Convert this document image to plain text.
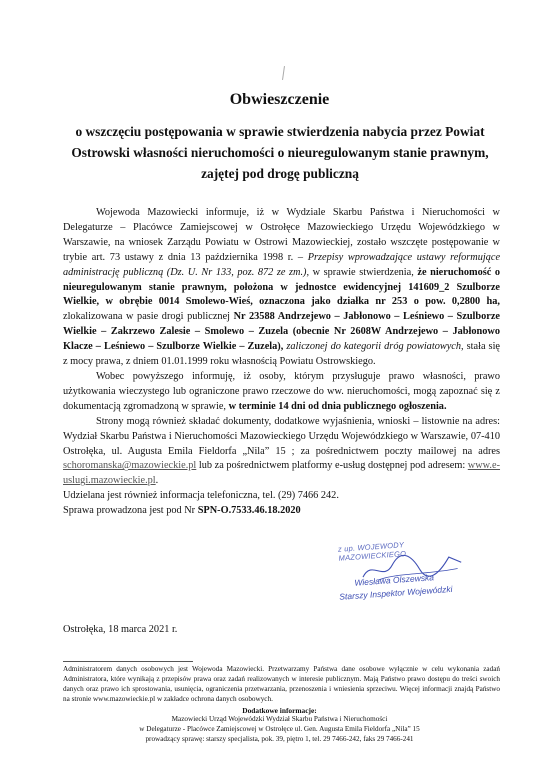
Obwieszczenie
o wszczęciu postępowania w sprawie stwierdzenia nabycia przez Powiat
Ostrowski własności nieruchomości o nieuregulowanym stanie prawnym,
zajętej pod drogę publiczną

Wojewoda Mazowiecki informuje, iż w Wydziale Skarbu Państwa i Nieruchomości w Delegaturze – Placówce Zamiejscowej w Ostrołęce Mazowieckiego Urzędu Wojewódzkiego w Warszawie, na wniosek Zarządu Powiatu w Ostrowi Mazowieckiej, zostało wszczęte postępowanie w trybie art. 73 ustawy z dnia 13 października 1998 r. – Przepisy wprowadzające ustawy reformujące administrację publiczną (Dz. U. Nr 133, poz. 872 ze zm.), w sprawie stwierdzenia, że nieruchomość o nieuregulowanym stanie prawnym, położona w jednostce ewidencyjnej 141609_2 Szulborze Wielkie, w obrębie 0014 Smolewo-Wieś, oznaczona jako działka nr 253 o pow. 0,2800 ha, zlokalizowana w pasie drogi publicznej Nr 23588 Andrzejewo – Jabłonowo – Leśniewo – Szulborze Wielkie – Zakrzewo Zalesie – Smolewo – Zuzela (obecnie Nr 2608W Andrzejewo – Jabłonowo Klacze – Leśniewo – Szulborze Wielkie – Zuzela), zaliczonej do kategorii dróg powiatowych, stała się z mocy prawa, z dniem 01.01.1999 roku własnością Powiatu Ostrowskiego.

Wobec powyższego informuję, iż osoby, którym przysługuje prawo własności, prawo użytkowania wieczystego lub ograniczone prawo rzeczowe do ww. nieruchomości, mogą zapoznać się z dokumentacją zgromadzoną w sprawie, w terminie 14 dni od dnia publicznego ogłoszenia.

Strony mogą również składać dokumenty, dodatkowe wyjaśnienia, wnioski – listownie na adres: Wydział Skarbu Państwa i Nieruchomości Mazowieckiego Urzędu Wojewódzkiego w Warszawie, 07-410 Ostrołęka, ul. Augusta Emila Fieldorfa „Nila” 15 ; za pośrednictwem poczty mailowej na adres schoromanska@mazowieckie.pl lub za pośrednictwem platformy e-usług dostępnej pod adresem: www.e-uslugi.mazowieckie.pl.

Udzielana jest również informacja telefoniczna, tel. (29) 7466 242.

Sprawa prowadzona jest pod Nr SPN-O.7533.46.18.2020

z up. WOJEWODY MAZOWIECKIEGO
Wiesława Olszewska
Starszy Inspektor Wojewódzki
Ostrołęka, 18 marca 2021 r.
Administratorem danych osobowych jest Wojewoda Mazowiecki. Przetwarzamy Państwa dane osobowe wyłącznie w celu wykonania zadań Administratora, które wynikają z przepisów prawa oraz zadań realizowanych w interesie publicznym. Mają Państwo prawo dostępu do treści swoich danych oraz prawo ich sprostowania, usunięcia, ograniczenia przetwarzania, przenoszenia i wniesienia sprzeciwu. Więcej informacji znajdą Państwo na stronie www.mazowieckie.pl w zakładce ochrona danych osobowych.
Dodatkowe informacje:
Mazowiecki Urząd Wojewódzki Wydział Skarbu Państwa i Nieruchomości
w Delegaturze - Placówce Zamiejscowej w Ostrołęce ul. Gen. Augusta Emila Fieldorfa „Nila” 15
prowadzący sprawę: starszy specjalista, pok. 39, piętro 1, tel. 29 7466-242, faks 29 7466-241
